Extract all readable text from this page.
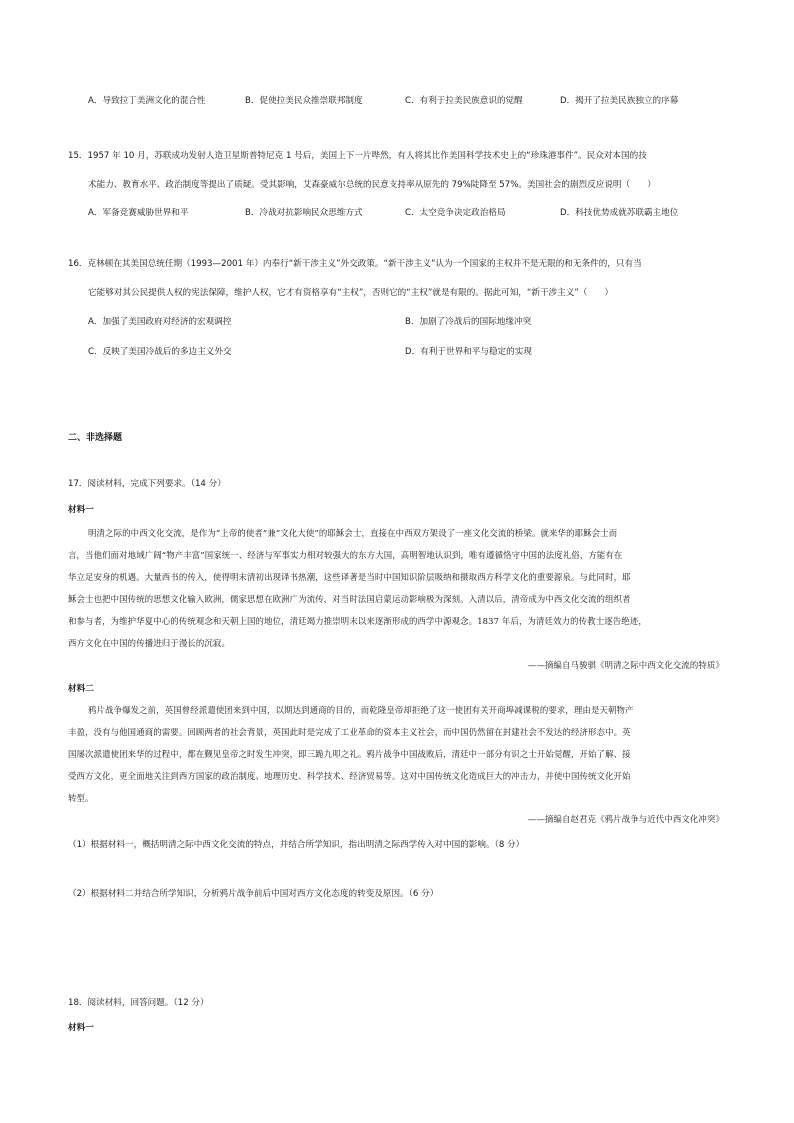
A．导致拉丁美洲文化的混合性	B．促使拉美民众推崇联邦制度	C．有利于拉美民族意识的觉醒	D．揭开了拉美民族独立的序幕
15．1957 年 10 月，苏联成功发射人造卫星斯普特尼克 1 号后，美国上下一片哗然，有人将其比作美国科学技术史上的“珍珠港事件”。民众对本国的技
术能力、教育水平、政治制度等提出了质疑。受其影响，艾森豪威尔总统的民意支持率从原先的 79%陡降至 57%。美国社会的剧烈反应说明（　　）
A．军备竞赛威胁世界和平	B．冷战对抗影响民众思维方式	C．太空竞争决定政治格局	D．科技优势成就苏联霸主地位
16．克林顿在其美国总统任期（1993—2001 年）内奉行“新干涉主义”外交政策。“新干涉主义”认为一个国家的主权并不是无限的和无条件的，只有当
它能够对其公民提供人权的宪法保障，维护人权，它才有资格享有“主权”，否则它的“主权”就是有限的。据此可知，“新干涉主义”（　　）
A．加强了美国政府对经济的宏观调控	B．加剧了冷战后的国际地缘冲突
C．反映了美国冷战后的多边主义外交	D．有利于世界和平与稳定的实现
二、非选择题
17．阅读材料，完成下列要求。（14 分）
材料一
明清之际的中西文化交流，是作为“上帝的使者”兼“文化大使”的耶稣会士，直接在中西双方架设了一座文化交流的桥梁。就来华的耶稣会士而
言，当他们面对地域广阔“物产丰富”国家统一、经济与军事实力相对较强大的东方大国，高明智地认识到，唯有遵循恪守中国的法度礼俗，方能有在
华立足安身的机遇。大量西书的传入，使得明末清初出现译书热潮，这些译著是当时中国知识阶层吸纳和摄取西方科学文化的重要源泉。与此同时，耶
稣会士也把中国传统的思想文化输入欧洲，儒家思想在欧洲广为流传，对当时法国启蒙运动影响极为深刻。入清以后，清帝成为中西文化交流的组织者
和参与者，为维护华夏中心的传统观念和天朝上国的地位，清廷竭力推崇明末以来逐渐形成的西学中源观念。1837 年后，为清廷效力的传教士逐告绝迹，
西方文化在中国的传播进归于漫长的沉寂。
——摘编自马骏骐《明清之际中西文化交流的特质》
材料二
鸦片战争爆发之前，英国曾经派遣使团来到中国，以期达到通商的目的，而乾隆皇帝却拒绝了这一使团有关开商埠减课税的要求，理由是天朝物产
丰盈，没有与他国通商的需要。回顾两者的社会背景，英国此时是完成了工业革命的资本主义社会，而中国仍然留在封建社会不发达的经济形态中。英
国屡次派遣使团来华的过程中，都在觐见皇帝之时发生冲突，即三跪九叩之礼。鸦片战争中国战败后，清廷中一部分有识之士开始觉醒，开始了解、接
受西方文化，更全面地关注到西方国家的政治制度、地理历史、科学技术、经济贸易等。这对中国传统文化造成巨大的冲击力，并使中国传统文化开始
转型。
——摘编自赵君克《鸦片战争与近代中西文化冲突》
（1）根据材料一，概括明清之际中西文化交流的特点，并结合所学知识，指出明清之际西学传入对中国的影响。（8 分）
（2）根据材料二并结合所学知识，分析鸦片战争前后中国对西方文化态度的转变及原因。（6 分）
18．阅读材料，回答问题。（12 分）
材料一
